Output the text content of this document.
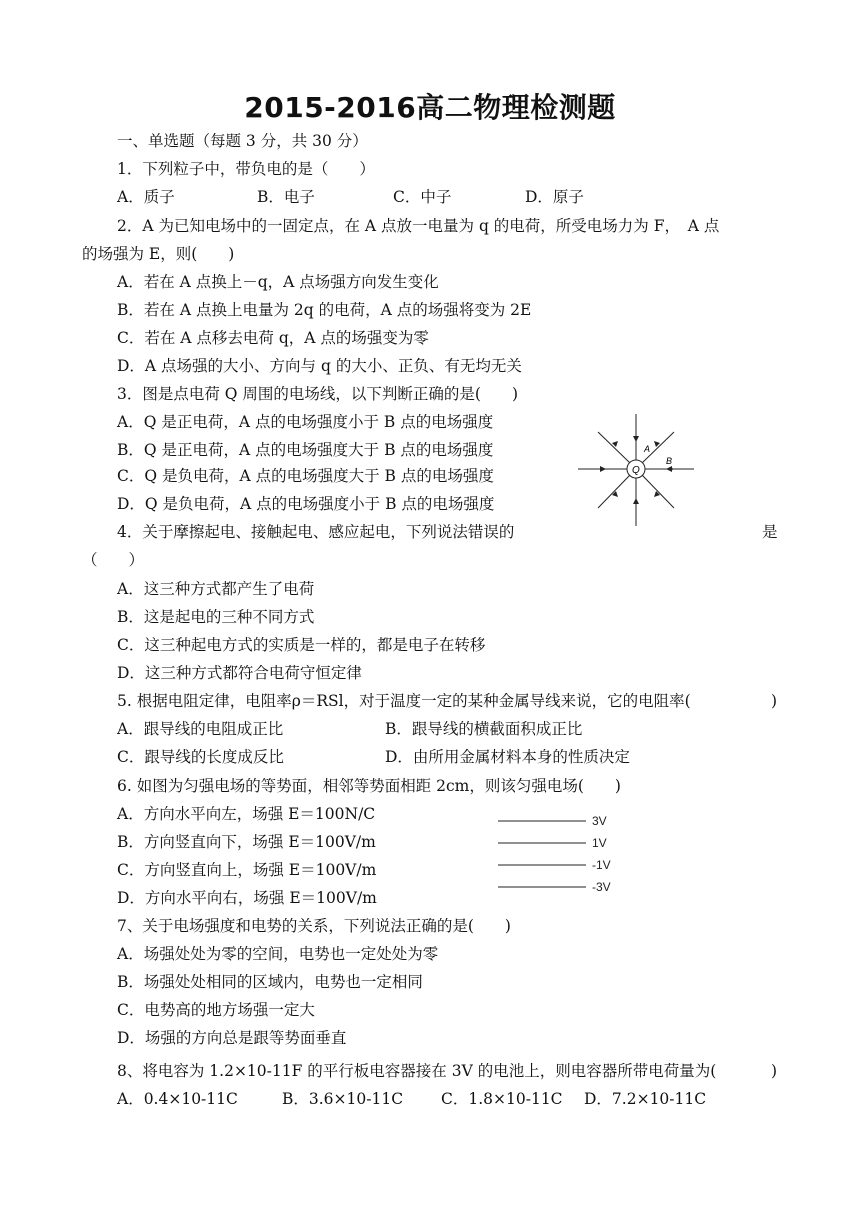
2015-2016高二物理检测题
一、单选题（每题 3 分，共 30 分）
1．下列粒子中，带负电的是（　　）
A．质子	B．电子	C．中子	D．原子
2．A 为已知电场中的一固定点，在 A 点放一电量为 q 的电荷，所受电场力为 F，　A 点
的场强为 E，则(　　)
A．若在 A 点换上－q，A 点场强方向发生变化
B．若在 A 点换上电量为 2q 的电荷，A 点的场强将变为 2E
C．若在 A 点移去电荷 q，A 点的场强变为零
D．A 点场强的大小、方向与 q 的大小、正负、有无均无关
3．图是点电荷 Q 周围的电场线，以下判断正确的是(　　)
A．Q 是正电荷，A 点的电场强度小于 B 点的电场强度
B．Q 是正电荷，A 点的电场强度大于 B 点的电场强度
C．Q 是负电荷，A 点的电场强度大于 B 点的电场强度
D．Q 是负电荷，A 点的电场强度小于 B 点的电场强度
Q
A
B
4．关于摩擦起电、接触起电、感应起电，下列说法错误的	是
（　　）
A．这三种方式都产生了电荷
B．这是起电的三种不同方式
C．这三种起电方式的实质是一样的，都是电子在转移
D．这三种方式都符合电荷守恒定律
5. 根据电阻定律，电阻率ρ＝RSl，对于温度一定的某种金属导线来说，它的电阻率(	)
A．跟导线的电阻成正比	B．跟导线的横截面积成正比
C．跟导线的长度成反比	D．由所用金属材料本身的性质决定
6. 如图为匀强电场的等势面，相邻等势面相距 2cm，则该匀强电场(　　)
A．方向水平向左，场强 E＝100N/C
B．方向竖直向下，场强 E＝100V/m
C．方向竖直向上，场强 E＝100V/m
D．方向水平向右，场强 E＝100V/m
3V
1V
-1V
-3V
7、关于电场强度和电势的关系，下列说法正确的是(　　)
A．场强处处为零的空间，电势也一定处处为零
B．场强处处相同的区域内，电势也一定相同
C．电势高的地方场强一定大
D．场强的方向总是跟等势面垂直
8、将电容为 1.2×10-11F 的平行板电容器接在 3V 的电池上，则电容器所带电荷量为(	)
A．0.4×10-11C	B．3.6×10-11C C．1.8×10-11C D．7.2×10-11C
